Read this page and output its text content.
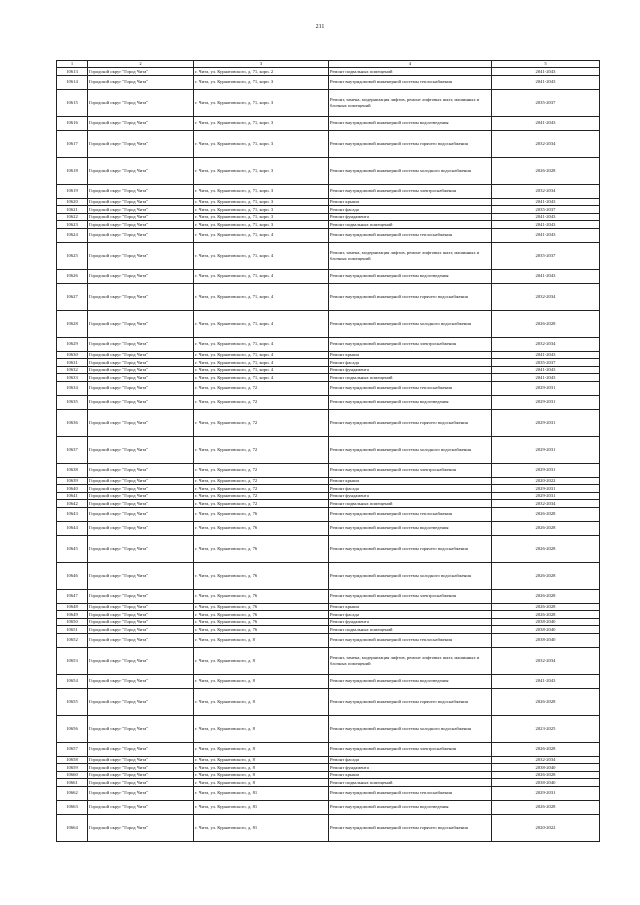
211
1	2	3	4	5
10613	Городской округ "Город Чита"	г. Чита, ул. Курнатовского, д. 71, корп. 2	Ремонт подвальных помещений	2041-2043
10614	Городской округ "Город Чита"	г. Чита, ул. Курнатовского, д. 71, корп. 3	Ремонт внутридомовой инженерной системы теплоснабжения	2041-2043
10615	Городской округ "Город Чита"	г. Чита, ул. Курнатовского, д. 71, корп. 3	Ремонт, замена, модернизация лифтов, ремонт лифтовых шахт, машинных и блочных помещений	2035-2037
10616	Городской округ "Город Чита"	г. Чита, ул. Курнатовского, д. 71, корп. 3	Ремонт внутридомовой инженерной системы водоотведения	2041-2043
10617	Городской округ "Город Чита"	г. Чита, ул. Курнатовского, д. 71, корп. 3	Ремонт внутридомовой инженерной системы горячего водоснабжения	2032-2034
10618	Городской округ "Город Чита"	г. Чита, ул. Курнатовского, д. 71, корп. 3	Ремонт внутридомовой инженерной системы холодного водоснабжения	2026-2028
10619	Городской округ "Город Чита"	г. Чита, ул. Курнатовского, д. 71, корп. 3	Ремонт внутридомовой инженерной системы электроснабжения	2032-2034
10620	Городской округ "Город Чита"	г. Чита, ул. Курнатовского, д. 71, корп. 3	Ремонт крыши	2041-2043
10621	Городской округ "Город Чита"	г. Чита, ул. Курнатовского, д. 71, корп. 3	Ремонт фасада	2035-2037
10622	Городской округ "Город Чита"	г. Чита, ул. Курнатовского, д. 71, корп. 3	Ремонт фундамента	2041-2043
10623	Городской округ "Город Чита"	г. Чита, ул. Курнатовского, д. 71, корп. 3	Ремонт подвальных помещений	2041-2043
10624	Городской округ "Город Чита"	г. Чита, ул. Курнатовского, д. 71, корп. 4	Ремонт внутридомовой инженерной системы теплоснабжения	2041-2043
10625	Городской округ "Город Чита"	г. Чита, ул. Курнатовского, д. 71, корп. 4	Ремонт, замена, модернизация лифтов, ремонт лифтовых шахт, машинных и блочных помещений	2035-2037
10626	Городской округ "Город Чита"	г. Чита, ул. Курнатовского, д. 71, корп. 4	Ремонт внутридомовой инженерной системы водоотведения	2041-2043
10627	Городской округ "Город Чита"	г. Чита, ул. Курнатовского, д. 71, корп. 4	Ремонт внутридомовой инженерной системы горячего водоснабжения	2032-2034
10628	Городской округ "Город Чита"	г. Чита, ул. Курнатовского, д. 71, корп. 4	Ремонт внутридомовой инженерной системы холодного водоснабжения	2026-2028
10629	Городской округ "Город Чита"	г. Чита, ул. Курнатовского, д. 71, корп. 4	Ремонт внутридомовой инженерной системы электроснабжения	2032-2034
10630	Городской округ "Город Чита"	г. Чита, ул. Курнатовского, д. 71, корп. 4	Ремонт крыши	2041-2043
10631	Городской округ "Город Чита"	г. Чита, ул. Курнатовского, д. 71, корп. 4	Ремонт фасада	2035-2037
10632	Городской округ "Город Чита"	г. Чита, ул. Курнатовского, д. 71, корп. 4	Ремонт фундамента	2041-2043
10633	Городской округ "Город Чита"	г. Чита, ул. Курнатовского, д. 71, корп. 4	Ремонт подвальных помещений	2041-2043
10634	Городской округ "Город Чита"	г. Чита, ул. Курнатовского, д. 72	Ремонт внутридомовой инженерной системы теплоснабжения	2029-2031
10635	Городской округ "Город Чита"	г. Чита, ул. Курнатовского, д. 72	Ремонт внутридомовой инженерной системы водоотведения	2029-2031
10636	Городской округ "Город Чита"	г. Чита, ул. Курнатовского, д. 72	Ремонт внутридомовой инженерной системы горячего водоснабжения	2029-2031
10637	Городской округ "Город Чита"	г. Чита, ул. Курнатовского, д. 72	Ремонт внутридомовой инженерной системы холодного водоснабжения	2029-2031
10638	Городской округ "Город Чита"	г. Чита, ул. Курнатовского, д. 72	Ремонт внутридомовой инженерной системы электроснабжения	2029-2031
10639	Городской округ "Город Чита"	г. Чита, ул. Курнатовского, д. 72	Ремонт крыши	2020-2022
10640	Городской округ "Город Чита"	г. Чита, ул. Курнатовского, д. 72	Ремонт фасада	2029-2031
10641	Городской округ "Город Чита"	г. Чита, ул. Курнатовского, д. 72	Ремонт фундамента	2029-2031
10642	Городской округ "Город Чита"	г. Чита, ул. Курнатовского, д. 72	Ремонт подвальных помещений	2032-2034
10643	Городской округ "Город Чита"	г. Чита, ул. Курнатовского, д. 76	Ремонт внутридомовой инженерной системы теплоснабжения	2026-2028
10644	Городской округ "Город Чита"	г. Чита, ул. Курнатовского, д. 76	Ремонт внутридомовой инженерной системы водоотведения	2026-2028
10645	Городской округ "Город Чита"	г. Чита, ул. Курнатовского, д. 76	Ремонт внутридомовой инженерной системы горячего водоснабжения	2026-2028
10646	Городской округ "Город Чита"	г. Чита, ул. Курнатовского, д. 76	Ремонт внутридомовой инженерной системы холодного водоснабжения	2026-2028
10647	Городской округ "Город Чита"	г. Чита, ул. Курнатовского, д. 76	Ремонт внутридомовой инженерной системы электроснабжения	2026-2028
10648	Городской округ "Город Чита"	г. Чита, ул. Курнатовского, д. 76	Ремонт крыши	2026-2028
10649	Городской округ "Город Чита"	г. Чита, ул. Курнатовского, д. 76	Ремонт фасада	2026-2028
10650	Городской округ "Город Чита"	г. Чита, ул. Курнатовского, д. 76	Ремонт фундамента	2038-2040
10651	Городской округ "Город Чита"	г. Чита, ул. Курнатовского, д. 76	Ремонт подвальных помещений	2038-2040
10652	Городской округ "Город Чита"	г. Чита, ул. Курнатовского, д. 8	Ремонт внутридомовой инженерной системы теплоснабжения	2038-2040
10653	Городской округ "Город Чита"	г. Чита, ул. Курнатовского, д. 8	Ремонт, замена, модернизация лифтов, ремонт лифтовых шахт, машинных и блочных помещений	2032-2034
10654	Городской округ "Город Чита"	г. Чита, ул. Курнатовского, д. 8	Ремонт внутридомовой инженерной системы водоотведения	2041-2043
10655	Городской округ "Город Чита"	г. Чита, ул. Курнатовского, д. 8	Ремонт внутридомовой инженерной системы горячего водоснабжения	2026-2028
10656	Городской округ "Город Чита"	г. Чита, ул. Курнатовского, д. 8	Ремонт внутридомовой инженерной системы холодного водоснабжения	2023-2025
10657	Городской округ "Город Чита"	г. Чита, ул. Курнатовского, д. 8	Ремонт внутридомовой инженерной системы электроснабжения	2026-2028
10658	Городской округ "Город Чита"	г. Чита, ул. Курнатовского, д. 8	Ремонт фасада	2032-2034
10659	Городской округ "Город Чита"	г. Чита, ул. Курнатовского, д. 8	Ремонт фундамента	2038-2040
10660	Городской округ "Город Чита"	г. Чита, ул. Курнатовского, д. 8	Ремонт крыши	2026-2028
10661	Городской округ "Город Чита"	г. Чита, ул. Курнатовского, д. 8	Ремонт подвальных помещений	2038-2040
10662	Городской округ "Город Чита"	г. Чита, ул. Курнатовского, д. 81	Ремонт внутридомовой инженерной системы теплоснабжения	2029-2031
10663	Городской округ "Город Чита"	г. Чита, ул. Курнатовского, д. 81	Ремонт внутридомовой инженерной системы водоотведения	2026-2028
10664	Городской округ "Город Чита"	г. Чита, ул. Курнатовского, д. 81	Ремонт внутридомовой инженерной системы горячего водоснабжения	2020-2022
